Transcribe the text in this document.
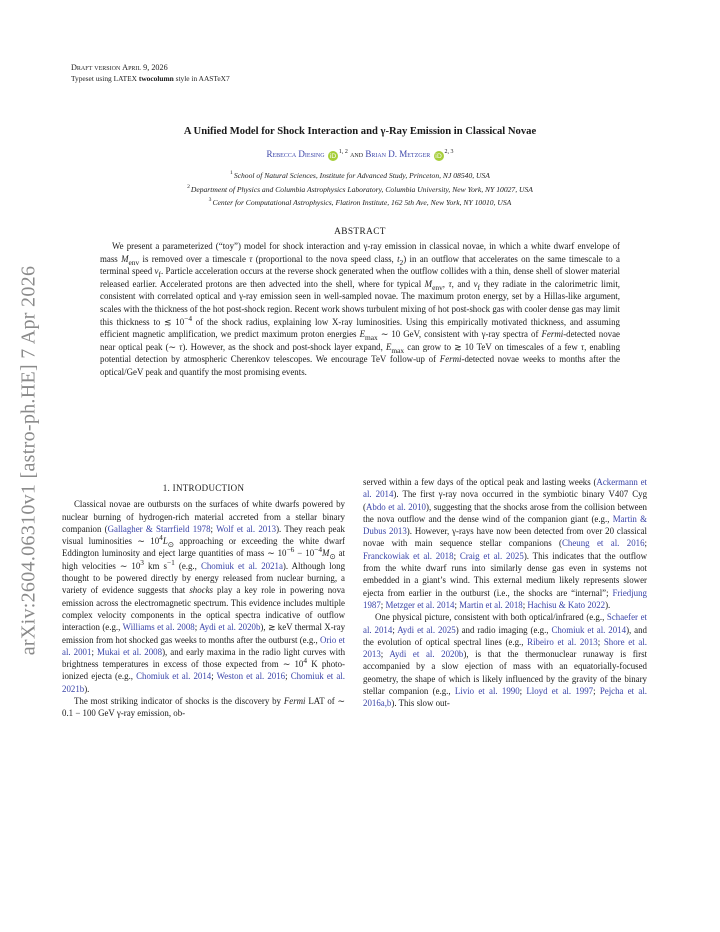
arXiv:2604.06310v1 [astro-ph.HE] 7 Apr 2026
Draft version April 9, 2026
Typeset using LATEX twocolumn style in AASTeX7
A Unified Model for Shock Interaction and γ-Ray Emission in Classical Novae
Rebecca Diesing iD $^{1, 2}$ and Brian D. Metzger iD $^{2, 3}$
$^1$School of Natural Sciences, Institute for Advanced Study, Princeton, NJ 08540, USA
$^2$Department of Physics and Columbia Astrophysics Laboratory, Columbia University, New York, NY 10027, USA
$^3$Center for Computational Astrophysics, Flatiron Institute, 162 5th Ave, New York, NY 10010, USA
ABSTRACT

We present a parameterized (“toy”) model for shock interaction and γ-ray emission in classical novae, in which a white dwarf envelope of mass $M_{env}$ is removed over a timescale τ (proportional to the nova speed class, $t_2$) in an outflow that accelerates on the same timescale to a terminal speed $v_f$. Particle acceleration occurs at the reverse shock generated when the outflow collides with a thin, dense shell of slower material released earlier. Accelerated protons are then advected into the shell, where for typical $M_{env}$, τ, and $v_f$ they radiate in the calorimetric limit, consistent with correlated optical and γ-ray emission seen in well-sampled novae. The maximum proton energy, set by a Hillas-like argument, scales with the thickness of the hot post-shock region. Recent work shows turbulent mixing of hot post-shock gas with cooler dense gas may limit this thickness to ≲ $10^{-4}$ of the shock radius, explaining low X-ray luminosities. Using this empirically motivated thickness, and assuming efficient magnetic amplification, we predict maximum proton energies $E_{max}$ ∼ 10 GeV, consistent with γ-ray spectra of Fermi-detected novae near optical peak (∼ τ). However, as the shock and post-shock layer expand, $E_{max}$ can grow to ≳ 10 TeV on timescales of a few τ, enabling potential detection by atmospheric Cherenkov telescopes. We encourage TeV follow-up of Fermi-detected novae weeks to months after the optical/GeV peak and quantify the most promising events.

1. INTRODUCTION

Classical novae are outbursts on the surfaces of white dwarfs powered by nuclear burning of hydrogen-rich material accreted from a stellar binary companion (Gallagher & Starrfield 1978; Wolf et al. 2013). They reach peak visual luminosities ∼ $10^4L_⊙$ approaching or exceeding the white dwarf Eddington luminosity and eject large quantities of mass ∼ $10^{-6} - 10^{-4}M_⊙$ at high velocities ∼ $10^3$ km $s^{-1}$ (e.g., Chomiuk et al. 2021a). Although long thought to be powered directly by energy released from nuclear burning, a variety of evidence suggests that shocks play a key role in powering nova emission across the electromagnetic spectrum. This evidence includes multiple complex velocity components in the optical spectra indicative of outflow interaction (e.g., Williams et al. 2008; Aydi et al. 2020b), ≳ keV thermal X-ray emission from hot shocked gas weeks to months after the outburst (e.g., Orio et al. 2001; Mukai et al. 2008), and early maxima in the radio light curves with brightness temperatures in excess of those expected from ∼ $10^4$ K photo-ionized ejecta (e.g., Chomiuk et al. 2014; Weston et al. 2016; Chomiuk et al. 2021b).

The most striking indicator of shocks is the discovery by Fermi LAT of ∼ 0.1 − 100 GeV γ-ray emission, ob-

served within a few days of the optical peak and lasting weeks (Ackermann et al. 2014). The first γ-ray nova occurred in the symbiotic binary V407 Cyg (Abdo et al. 2010), suggesting that the shocks arose from the collision between the nova outflow and the dense wind of the companion giant (e.g., Martin & Dubus 2013). However, γ-rays have now been detected from over 20 classical novae with main sequence stellar companions (Cheung et al. 2016; Franckowiak et al. 2018; Craig et al. 2025). This indicates that the outflow from the white dwarf runs into similarly dense gas even in systems not embedded in a giant’s wind. This external medium likely represents slower ejecta from earlier in the outburst (i.e., the shocks are “internal”; Friedjung 1987; Metzger et al. 2014; Martin et al. 2018; Hachisu & Kato 2022).

One physical picture, consistent with both optical/infrared (e.g., Schaefer et al. 2014; Aydi et al. 2025) and radio imaging (e.g., Chomiuk et al. 2014), and the evolution of optical spectral lines (e.g., Ribeiro et al. 2013; Shore et al. 2013; Aydi et al. 2020b), is that the thermonuclear runaway is first accompanied by a slow ejection of mass with an equatorially-focused geometry, the shape of which is likely influenced by the gravity of the binary stellar companion (e.g., Livio et al. 1990; Lloyd et al. 1997; Pejcha et al. 2016a,b). This slow out-
